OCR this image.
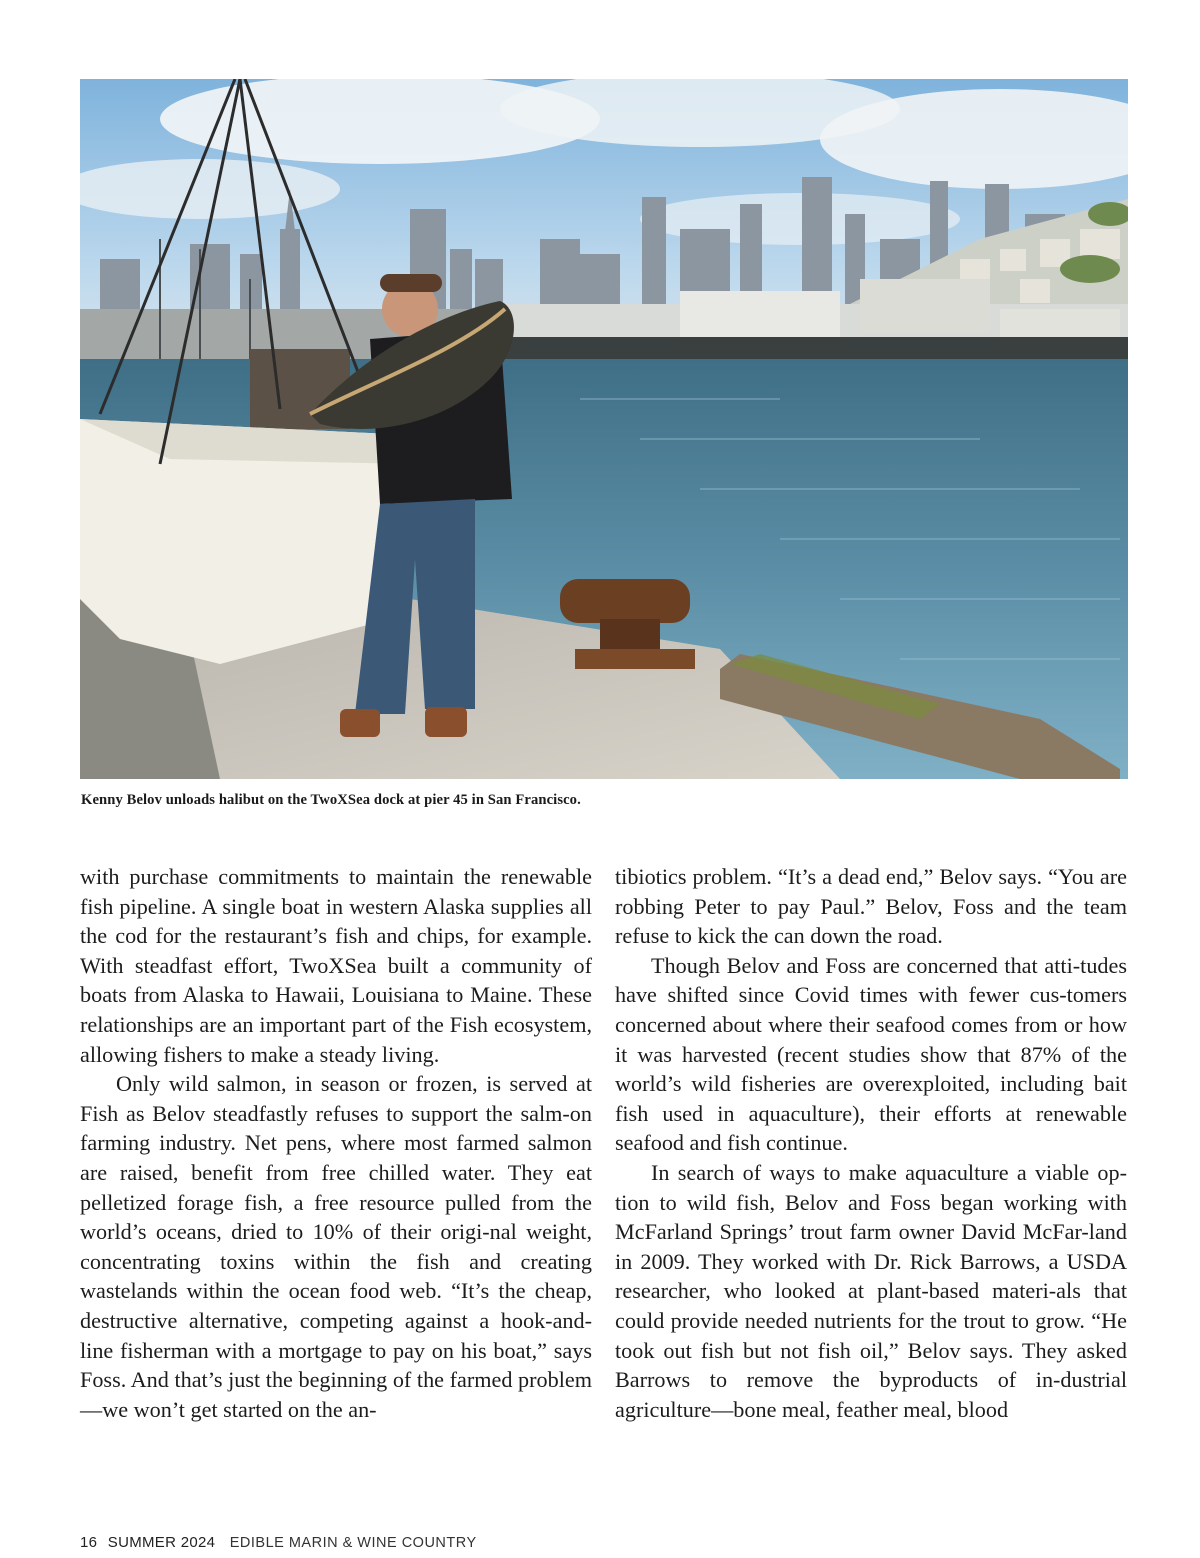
Kenny Belov unloads halibut on the TwoXSea dock at pier 45 in San Francisco.

with purchase commitments to maintain the renewable fish pipeline. A single boat in western Alaska supplies all the cod for the restaurant’s fish and chips, for example. With steadfast effort, TwoXSea built a community of boats from Alaska to Hawaii, Louisiana to Maine. These relationships are an important part of the Fish ecosystem, allowing fishers to make a steady living.

Only wild salmon, in season or frozen, is served at Fish as Belov steadfastly refuses to support the salm-on farming industry. Net pens, where most farmed salmon are raised, benefit from free chilled water. They eat pelletized forage fish, a free resource pulled from the world’s oceans, dried to 10% of their origi-nal weight, concentrating toxins within the fish and creating wastelands within the ocean food web. “It’s the cheap, destructive alternative, competing against a hook-and-line fisherman with a mortgage to pay on his boat,” says Foss. And that’s just the beginning of the farmed problem—we won’t get started on the an-

tibiotics problem. “It’s a dead end,” Belov says. “You are robbing Peter to pay Paul.” Belov, Foss and the team refuse to kick the can down the road.

Though Belov and Foss are concerned that atti-tudes have shifted since Covid times with fewer cus-tomers concerned about where their seafood comes from or how it was harvested (recent studies show that 87% of the world’s wild fisheries are overexploited, including bait fish used in aquaculture), their efforts at renewable seafood and fish continue.

In search of ways to make aquaculture a viable op-tion to wild fish, Belov and Foss began working with McFarland Springs’ trout farm owner David McFar-land in 2009. They worked with Dr. Rick Barrows, a USDA researcher, who looked at plant-based materi-als that could provide needed nutrients for the trout to grow. “He took out fish but not fish oil,” Belov says. They asked Barrows to remove the byproducts of in-dustrial agriculture—bone meal, feather meal, blood

16 SUMMER 2024 EDIBLE MARIN & WINE COUNTRY
